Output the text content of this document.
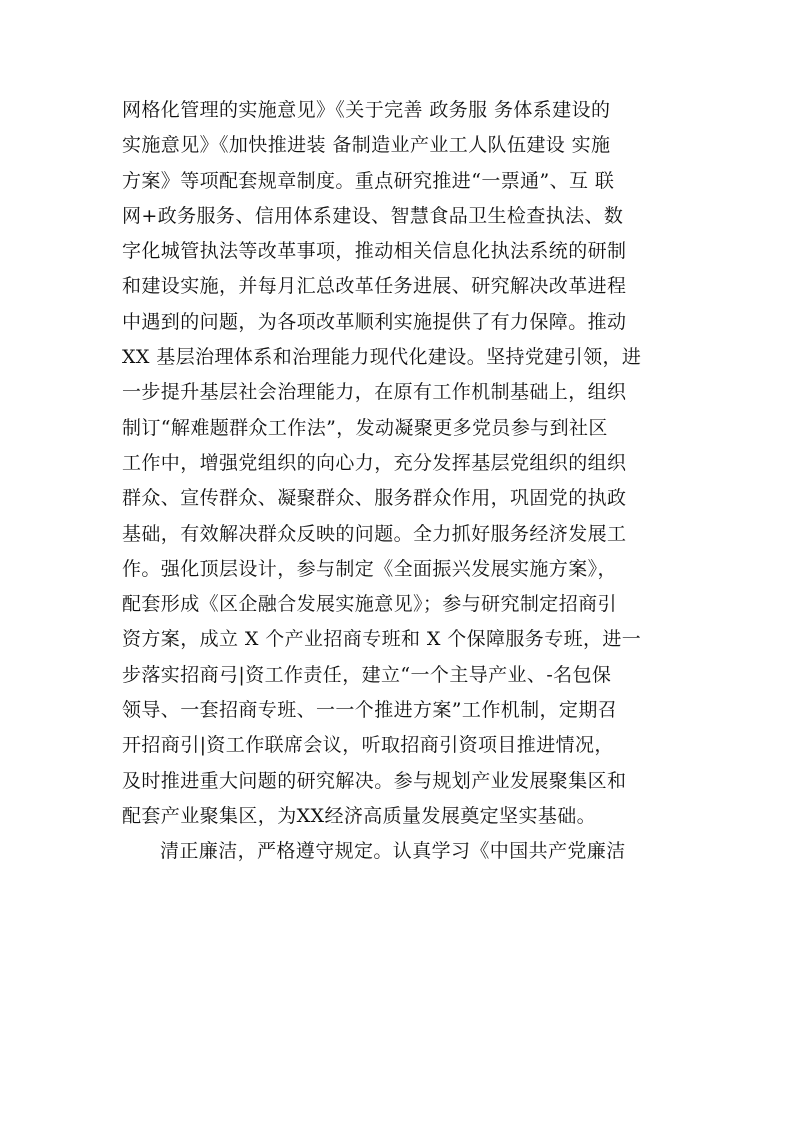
网格化管理的实施意见》《关于完善 政务服 务体系建设的
实施意见》《加快推进装 备制造业产业工人队伍建设 实施
方案》等项配套规章制度。重点研究推进“一票通”、互 联
网+政务服务、信用体系建设、智慧食品卫生检查执法、数
字化城管执法等改革事项，推动相关信息化执法系统的研制
和建设实施，并每月汇总改革任务进展、研究解决改革进程
中遇到的问题，为各项改革顺利实施提供了有力保障。推动
XX 基层治理体系和治理能力现代化建设。坚持党建引领，进
一步提升基层社会治理能力，在原有工作机制基础上，组织
制订“解难题群众工作法”，发动凝聚更多党员参与到社区
工作中，增强党组织的向心力，充分发挥基层党组织的组织
群众、宣传群众、凝聚群众、服务群众作用，巩固党的执政
基础，有效解决群众反映的问题。全力抓好服务经济发展工
作。强化顶层设计，参与制定《全面振兴发展实施方案》，
配套形成《区企融合发展实施意见》；参与研究制定招商引
资方案，成立 X 个产业招商专班和 X 个保障服务专班，进一
步落实招商弓|资工作责任，建立“一个主导产业、-名包保
领导、一套招商专班、一一个推进方案”工作机制，定期召
开招商引|资工作联席会议，听取招商引资项目推进情况，
及时推进重大问题的研究解决。参与规划产业发展聚集区和
配套产业聚集区，为XX经济高质量发展奠定坚实基础。
清正廉洁，严格遵守规定。认真学习《中国共产党廉洁
